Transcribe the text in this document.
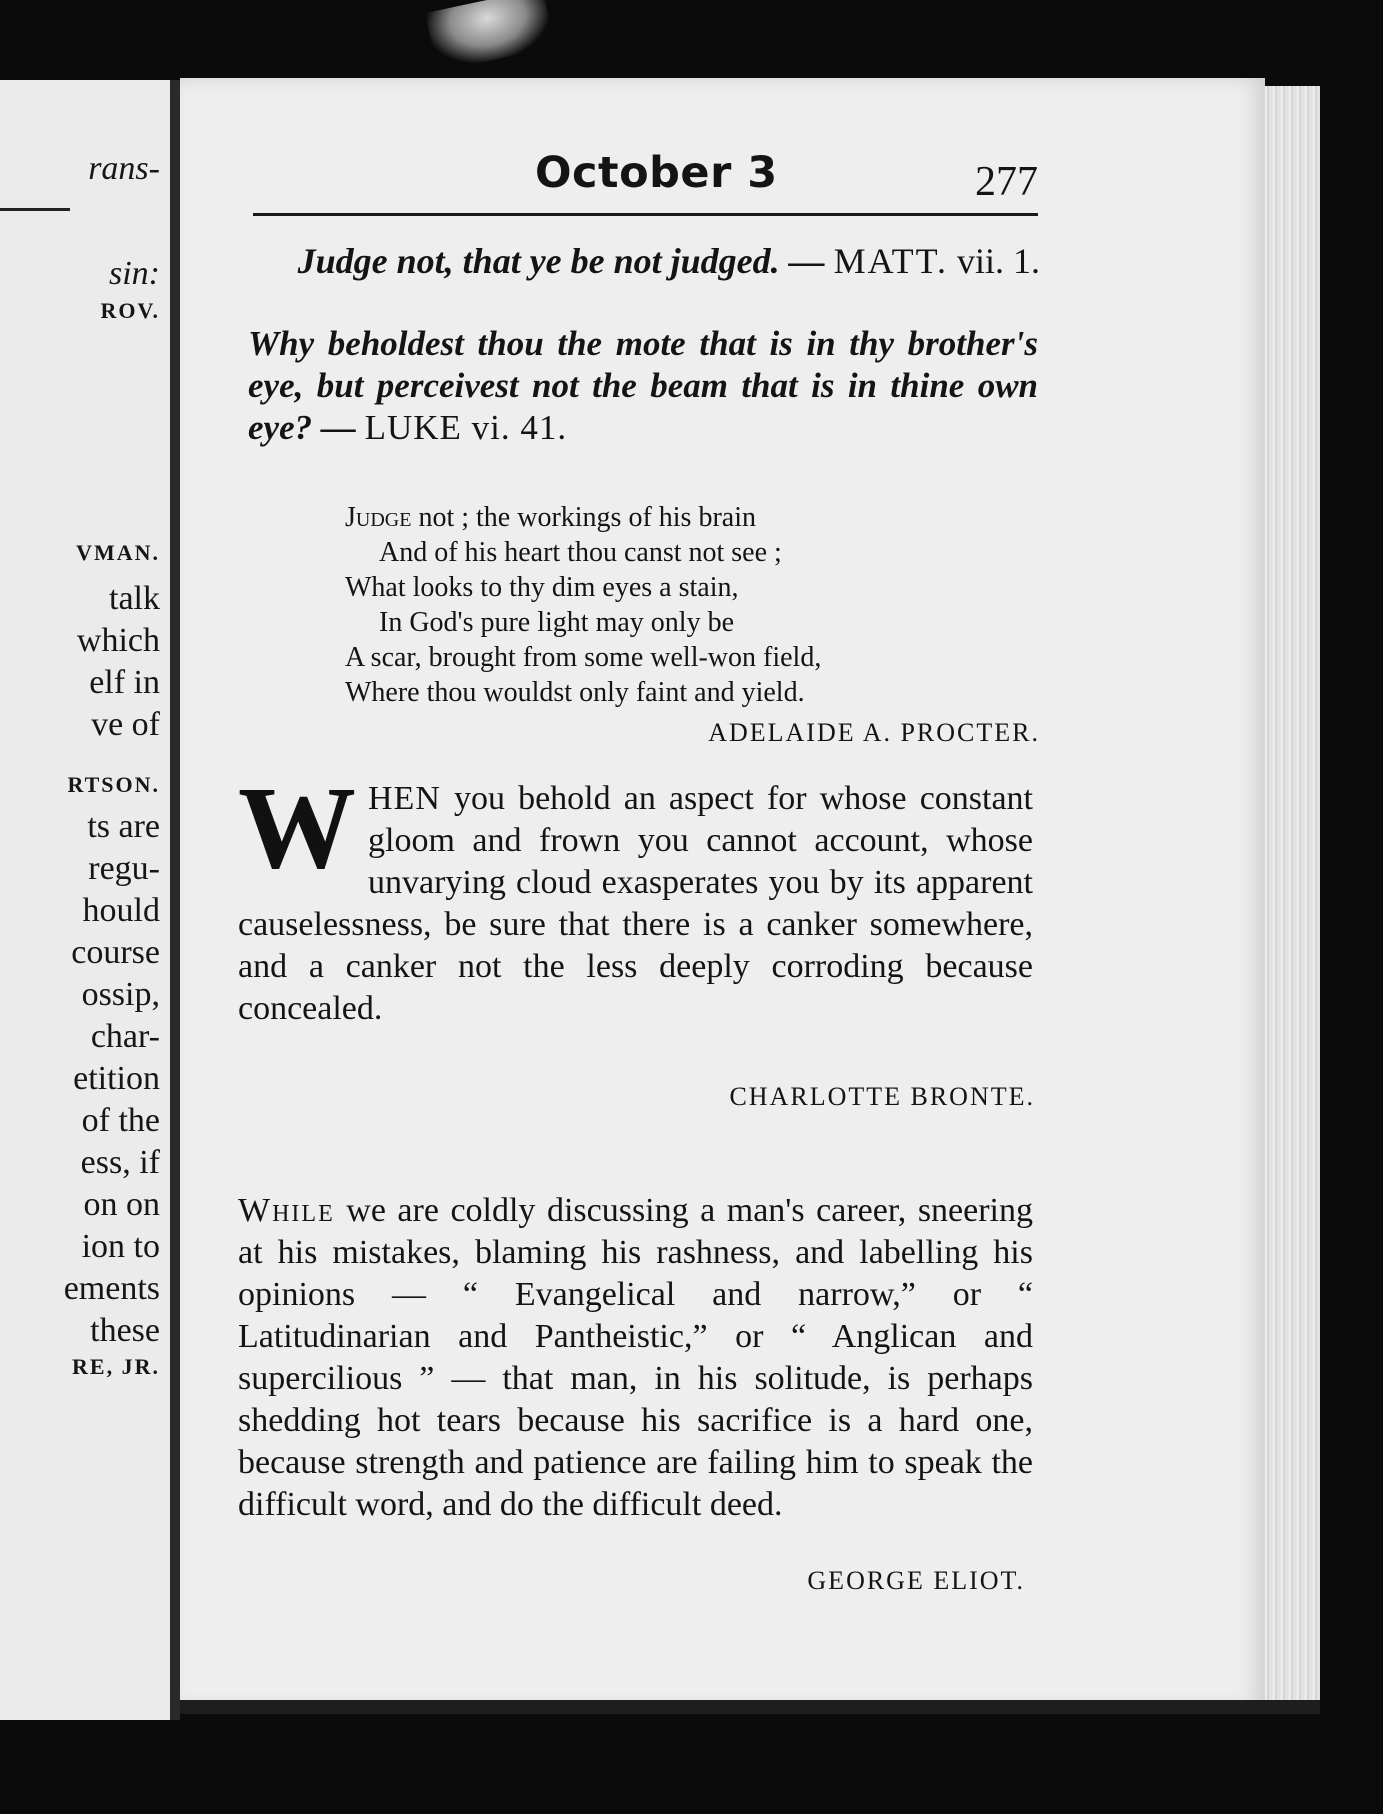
rans-
sin:
ROV.
VMAN.
talk
which
elf in
ve of
RTSON.
ts are
regu-
hould
course
ossip,
char-
etition
of the
ess, if
on on
ion to
ements
these
RE, JR.
October 3	277
Judge not, that ye be not judged. — MATT. vii. 1.
Why beholdest thou the mote that is in thy brother's eye, but perceivest not the beam that is in thine own eye? — LUKE vi. 41.
Judge not ; the workings of his brain
And of his heart thou canst not see ;
What looks to thy dim eyes a stain,
In God's pure light may only be
A scar, brought from some well-won field,
Where thou wouldst only faint and yield.
ADELAIDE A. PROCTER.
WHEN you behold an aspect for whose constant gloom and frown you cannot account, whose unvarying cloud exasperates you by its apparent causelessness, be sure that there is a canker somewhere, and a canker not the less deeply corroding because concealed.
CHARLOTTE BRONTE.
While we are coldly discussing a man's career, sneering at his mistakes, blaming his rashness, and labelling his opinions — “ Evangelical and narrow,” or “ Latitudinarian and Pantheistic,” or “ Anglican and supercilious ” — that man, in his solitude, is perhaps shedding hot tears because his sacrifice is a hard one, because strength and patience are failing him to speak the difficult word, and do the difficult deed.
GEORGE ELIOT.
